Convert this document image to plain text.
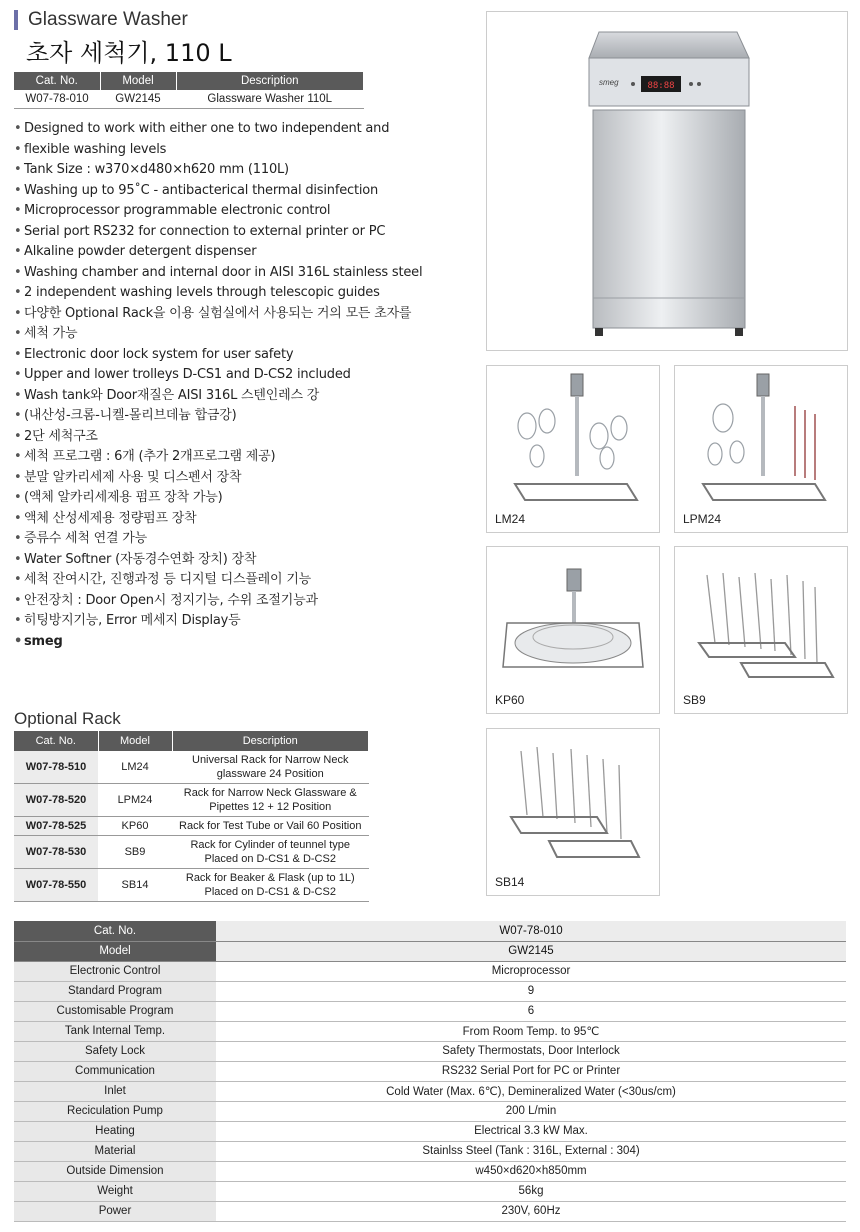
Glassware Washer
초자 세척기, 110 L
Cat. No.	Model	Description
W07-78-010	GW2145	Glassware Washer 110L
• Designed to work with either one to two independent and
• flexible washing levels
• Tank Size : w370×d480×h620 mm (110L)
• Washing up to 95˚C - antibacterical thermal disinfection
• Microprocessor programmable electronic control
• Serial port RS232 for connection to external printer or PC
• Alkaline powder detergent dispenser
• Washing chamber and internal door in AISI 316L stainless steel
• 2 independent washing levels through telescopic guides
• 다양한 Optional Rack을 이용 실험실에서 사용되는 거의 모든 초자를
• 세척 가능
• Electronic door lock system for user safety
• Upper and lower trolleys D-CS1 and D-CS2 included
• Wash tank와 Door재질은 AISI 316L 스텐인레스 강
• (내산성-크롬-니켈-몰리브데늄 합금강)
• 2단 세척구조
• 세척 프로그램 : 6개 (추가 2개프로그램 제공)
• 분말 알카리세제 사용 및 디스펜서 장착
• (액체 알카리세제용 펌프 장착 가능)
• 액체 산성세제용 정량펌프 장착
• 증류수 세척 연결 가능
• Water Softner (자동경수연화 장치) 장착
• 세척 잔여시간, 진행과정 등 디지털 디스플레이 기능
• 안전장치 : Door Open시 정지기능, 수위 조절기능과
• 히팅방지기능, Error 메세지 Display등
• smeg
Optional Rack
Cat. No.	Model	Description
W07-78-510	LM24	Universal Rack for Narrow Neck
glassware 24 Position

W07-78-520	LPM24	Rack for Narrow Neck Glassware &
Pipettes 12 + 12 Position

W07-78-525	KP60	Rack for Test Tube or Vail 60 Position
W07-78-530	SB9	Rack for Cylinder of teunnel type
Placed on D-CS1 & D-CS2

W07-78-550	SB14	Rack for Beaker & Flask (up to 1L)
Placed on D-CS1 & D-CS2
88:88
smeg
LM24	LPM24
KP60	SB9
SB14
Cat. No.	W07-78-010
Model	GW2145
Electronic Control	Microprocessor
Standard Program	9
Customisable Program	6
Tank Internal Temp.	From Room Temp. to 95℃
Safety Lock	Safety Thermostats, Door Interlock
Communication	RS232 Serial Port for PC or Printer
Inlet	Cold Water (Max. 6℃), Demineralized Water (<30us/cm)
Reciculation Pump	200 L/min
Heating	Electrical 3.3 kW Max.
Material	Stainlss Steel (Tank : 316L, External : 304)
Outside Dimension	w450×d620×h850mm
Weight	56kg
Power	230V, 60Hz
